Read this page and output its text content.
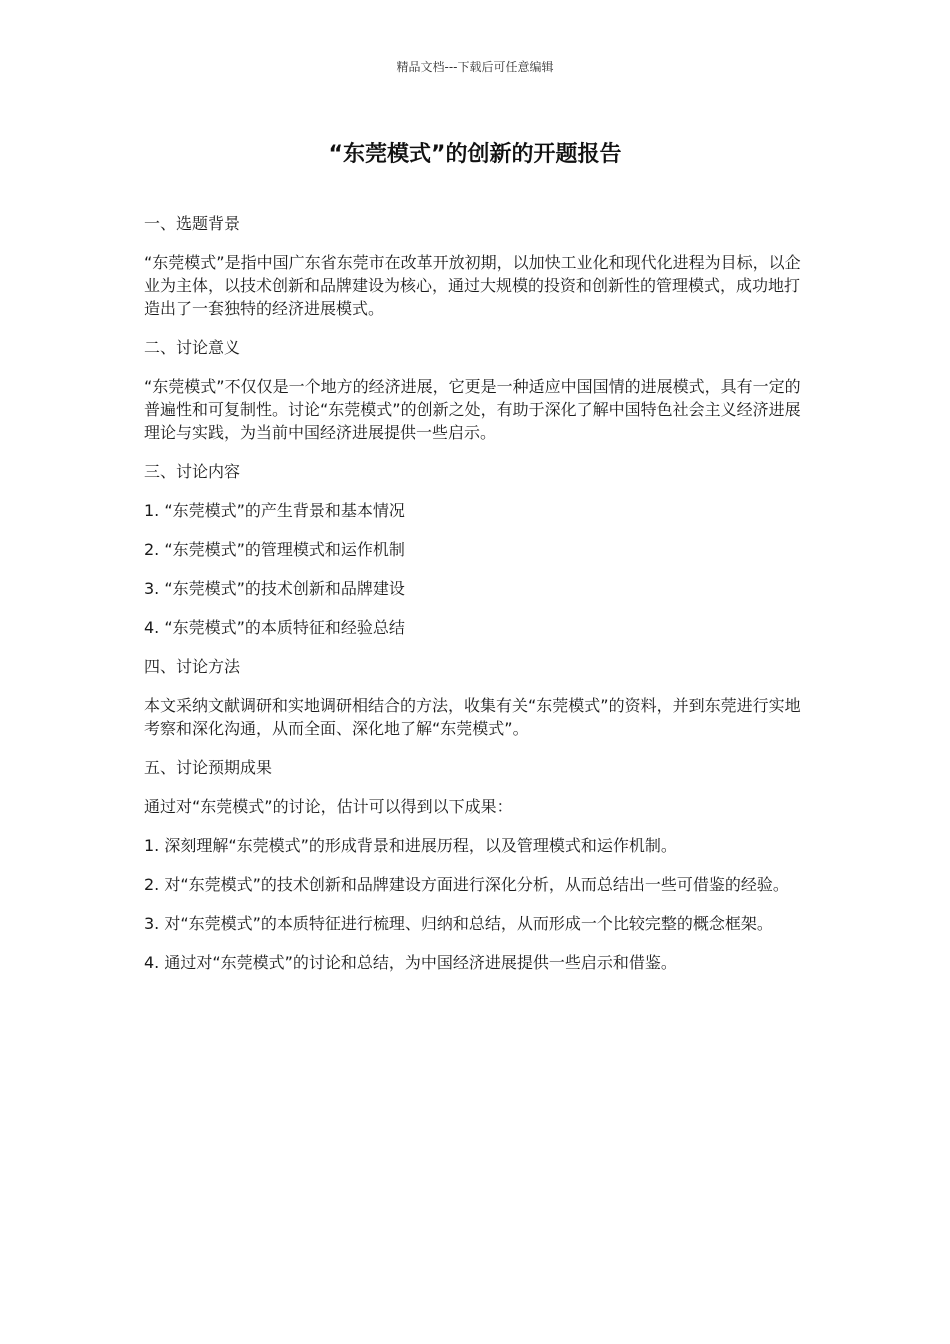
精品文档---下载后可任意编辑
“东莞模式”的创新的开题报告

一、选题背景

“东莞模式”是指中国广东省东莞市在改革开放初期，以加快工业化和现代化进程为目标，以企业为主体，以技术创新和品牌建设为核心，通过大规模的投资和创新性的管理模式，成功地打造出了一套独特的经济进展模式。

二、讨论意义

“东莞模式”不仅仅是一个地方的经济进展，它更是一种适应中国国情的进展模式，具有一定的普遍性和可复制性。讨论“东莞模式”的创新之处，有助于深化了解中国特色社会主义经济进展理论与实践，为当前中国经济进展提供一些启示。

三、讨论内容

1. “东莞模式”的产生背景和基本情况

2. “东莞模式”的管理模式和运作机制

3. “东莞模式”的技术创新和品牌建设

4. “东莞模式”的本质特征和经验总结

四、讨论方法

本文采纳文献调研和实地调研相结合的方法，收集有关“东莞模式”的资料，并到东莞进行实地考察和深化沟通，从而全面、深化地了解“东莞模式”。

五、讨论预期成果

通过对“东莞模式”的讨论，估计可以得到以下成果：

1. 深刻理解“东莞模式”的形成背景和进展历程，以及管理模式和运作机制。

2. 对“东莞模式”的技术创新和品牌建设方面进行深化分析，从而总结出一些可借鉴的经验。

3. 对“东莞模式”的本质特征进行梳理、归纳和总结，从而形成一个比较完整的概念框架。

4. 通过对“东莞模式”的讨论和总结，为中国经济进展提供一些启示和借鉴。
